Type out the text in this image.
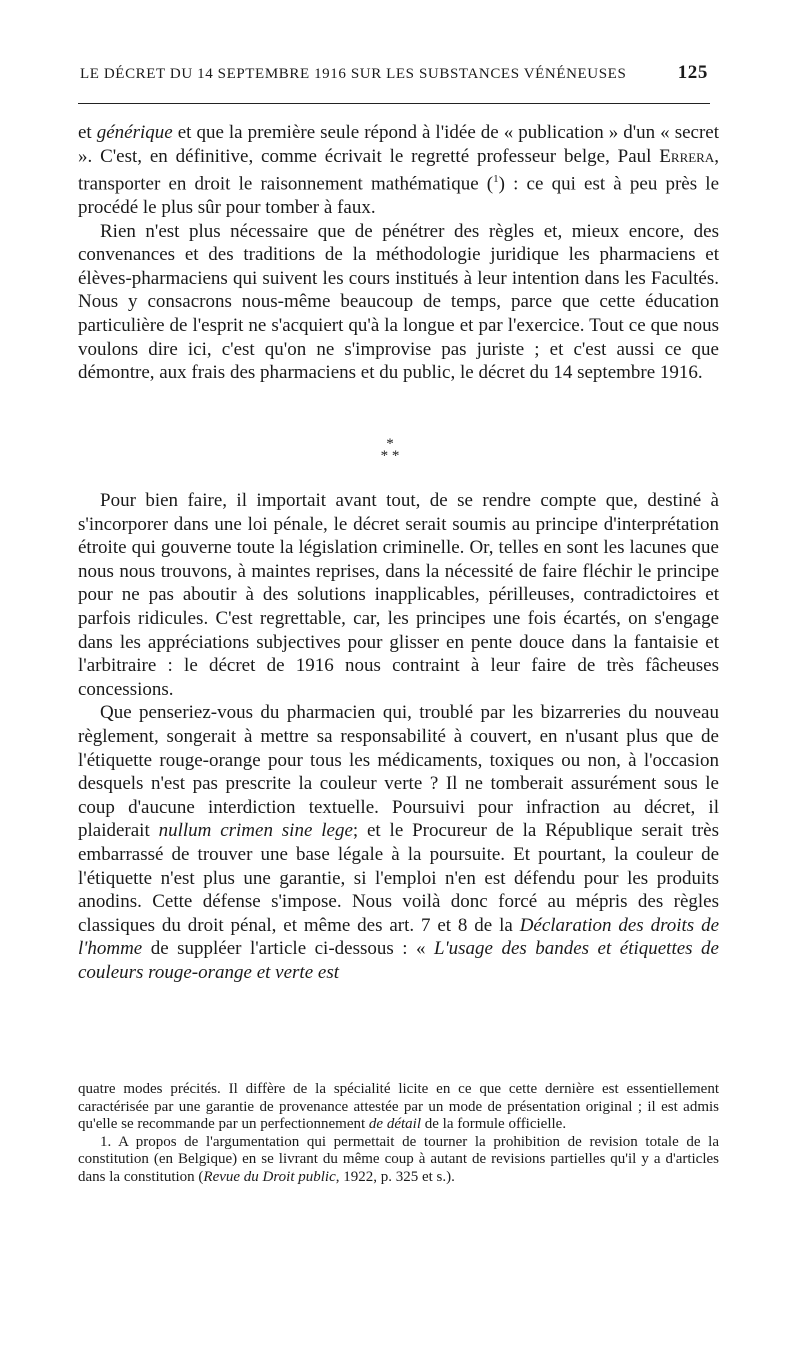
LE DÉCRET DU 14 SEPTEMBRE 1916 SUR LES SUBSTANCES VÉNÉNEUSES	125

et générique et que la première seule répond à l'idée de « publication » d'un « secret ». C'est, en définitive, comme écrivait le regretté professeur belge, Paul Errera, transporter en droit le raisonnement mathématique ($^1$) : ce qui est à peu près le procédé le plus sûr pour tomber à faux.

Rien n'est plus nécessaire que de pénétrer des règles et, mieux encore, des convenances et des traditions de la méthodologie juridique les pharmaciens et élèves-pharmaciens qui suivent les cours institués à leur intention dans les Facultés. Nous y consacrons nous-même beaucoup de temps, parce que cette éducation particulière de l'esprit ne s'acquiert qu'à la longue et par l'exercice. Tout ce que nous voulons dire ici, c'est qu'on ne s'improvise pas juriste ; et c'est aussi ce que démontre, aux frais des pharmaciens et du public, le décret du 14 septembre 1916.

*
* *

Pour bien faire, il importait avant tout, de se rendre compte que, destiné à s'incorporer dans une loi pénale, le décret serait soumis au principe d'interprétation étroite qui gouverne toute la législation criminelle. Or, telles en sont les lacunes que nous nous trouvons, à maintes reprises, dans la nécessité de faire fléchir le principe pour ne pas aboutir à des solutions inapplicables, périlleuses, contradictoires et parfois ridicules. C'est regrettable, car, les principes une fois écartés, on s'engage dans les appréciations subjectives pour glisser en pente douce dans la fantaisie et l'arbitraire : le décret de 1916 nous contraint à leur faire de très fâcheuses concessions.

Que penseriez-vous du pharmacien qui, troublé par les bizarreries du nouveau règlement, songerait à mettre sa responsabilité à couvert, en n'usant plus que de l'étiquette rouge-orange pour tous les médicaments, toxiques ou non, à l'occasion desquels n'est pas prescrite la couleur verte ? Il ne tomberait assurément sous le coup d'aucune interdiction textuelle. Poursuivi pour infraction au décret, il plaiderait nullum crimen sine lege; et le Procureur de la République serait très embarrassé de trouver une base légale à la poursuite. Et pourtant, la couleur de l'étiquette n'est plus une garantie, si l'emploi n'en est défendu pour les produits anodins. Cette défense s'impose. Nous voilà donc forcé au mépris des règles classiques du droit pénal, et même des art. 7 et 8 de la Déclaration des droits de l'homme de suppléer l'article ci-dessous : « L'usage des bandes et étiquettes de couleurs rouge-orange et verte est

quatre modes précités. Il diffère de la spécialité licite en ce que cette dernière est essentiellement caractérisée par une garantie de provenance attestée par un mode de présentation original ; il est admis qu'elle se recommande par un perfectionnement de détail de la formule officielle.

1. A propos de l'argumentation qui permettait de tourner la prohibition de revision totale de la constitution (en Belgique) en se livrant du même coup à autant de revisions partielles qu'il y a d'articles dans la constitution (Revue du Droit public, 1922, p. 325 et s.).
